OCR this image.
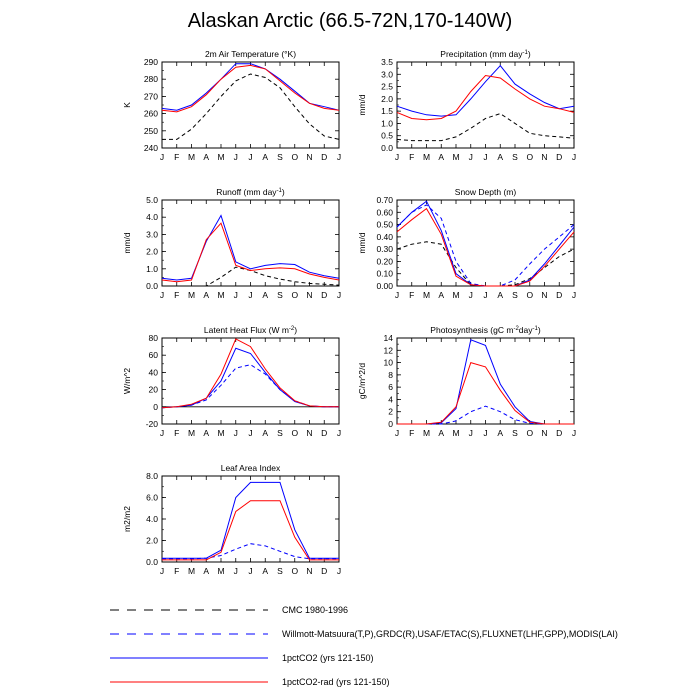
Alaskan Arctic (66.5-72N,170-140W)
2m Air Temperature (°K)
K
240
250
260
270
280
290
J F M A M J J A S O N D J
Precipitation (mm day$^{-1}$)
mm/d
0.0
0.5
1.0
1.5
2.0
2.5
3.0
3.5
J F M A M J J A S O N D J
Runoff (mm day$^{-1}$)
mm/d
0.0
1.0
2.0
3.0
4.0
5.0
J F M A M J J A S O N D J
Snow Depth (m)
mm/d
0.00
0.10
0.20
0.30
0.40
0.50
0.60
0.70
J F M A M J J A S O N D J
Latent Heat Flux (W $m^{-2}$)
W/m^2
-20
0
20
40
60
80
J F M A M J J A S O N D J
Photosynthesis (gC $m^{-2}day^{-1}$)
gC/m^2/d
0
2
4
6
8
10
12
14
J F M A M J J A S O N D J
Leaf Area Index
m2/m2
0.0
2.0
4.0
6.0
8.0
J F M A M J J A S O N D J
CMC 1980-1996
Willmott-Matsuura(T,P),GRDC(R),USAF/ETAC(S),FLUXNET(LHF,GPP),MODIS(LAI)
1pctCO2 (yrs 121-150)
1pctCO2-rad (yrs 121-150)
